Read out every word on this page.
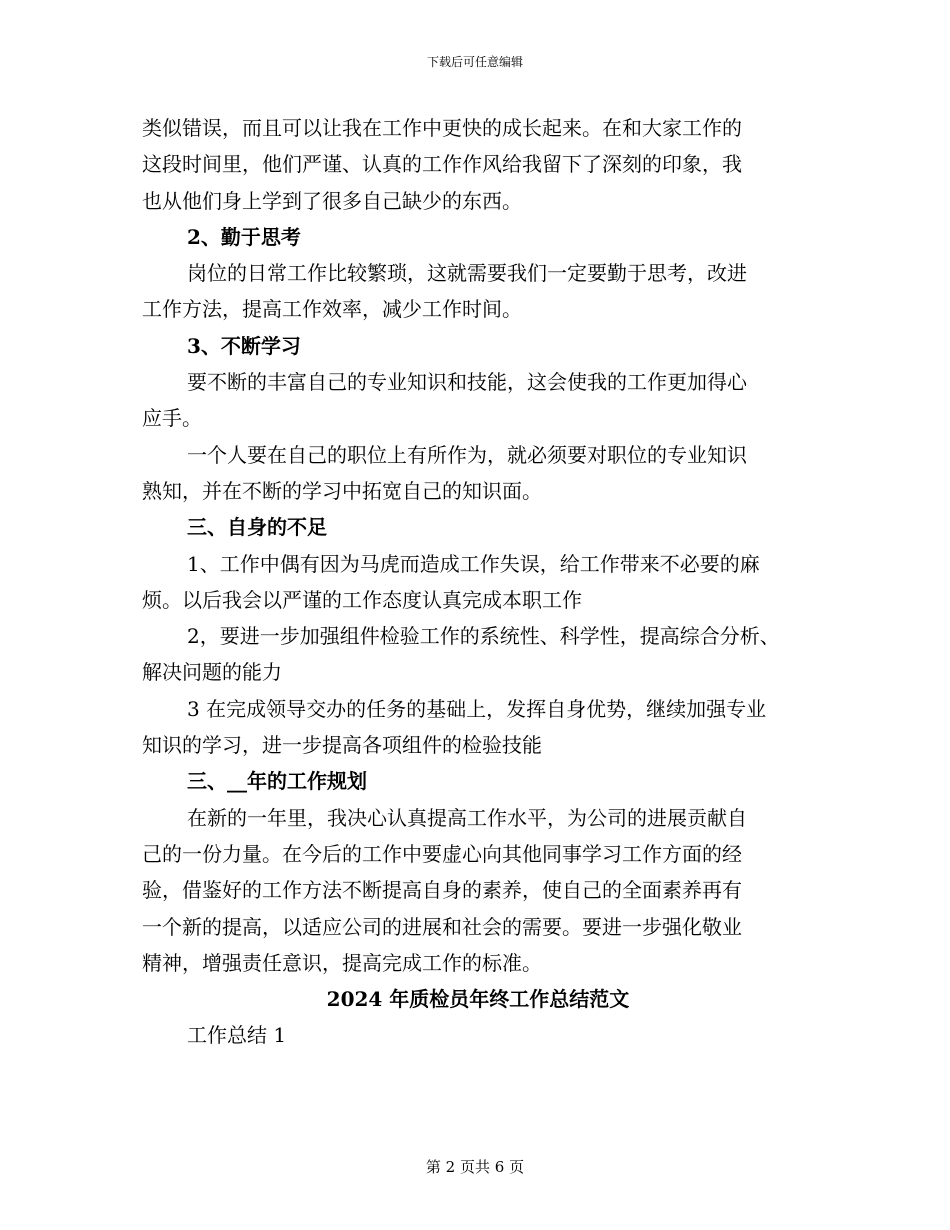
下载后可任意编辑
类似错误，而且可以让我在工作中更快的成长起来。在和大家工作的
这段时间里，他们严谨、认真的工作作风给我留下了深刻的印象，我
也从他们身上学到了很多自己缺少的东西。
2、勤于思考
岗位的日常工作比较繁琐，这就需要我们一定要勤于思考，改进
工作方法，提高工作效率，减少工作时间。
3、不断学习
要不断的丰富自己的专业知识和技能，这会使我的工作更加得心
应手。
一个人要在自己的职位上有所作为，就必须要对职位的专业知识
熟知，并在不断的学习中拓宽自己的知识面。
三、自身的不足
1、工作中偶有因为马虎而造成工作失误，给工作带来不必要的麻
烦。以后我会以严谨的工作态度认真完成本职工作
2，要进一步加强组件检验工作的系统性、科学性，提高综合分析、
解决问题的能力
3 在完成领导交办的任务的基础上，发挥自身优势，继续加强专业
知识的学习，进一步提高各项组件的检验技能
三、__年的工作规划
在新的一年里，我决心认真提高工作水平，为公司的进展贡献自
己的一份力量。在今后的工作中要虚心向其他同事学习工作方面的经
验，借鉴好的工作方法不断提高自身的素养，使自己的全面素养再有
一个新的提高，以适应公司的进展和社会的需要。要进一步强化敬业
精神，增强责任意识，提高完成工作的标准。
2024 年质检员年终工作总结范文
工作总结 1
第 2 页共 6 页
